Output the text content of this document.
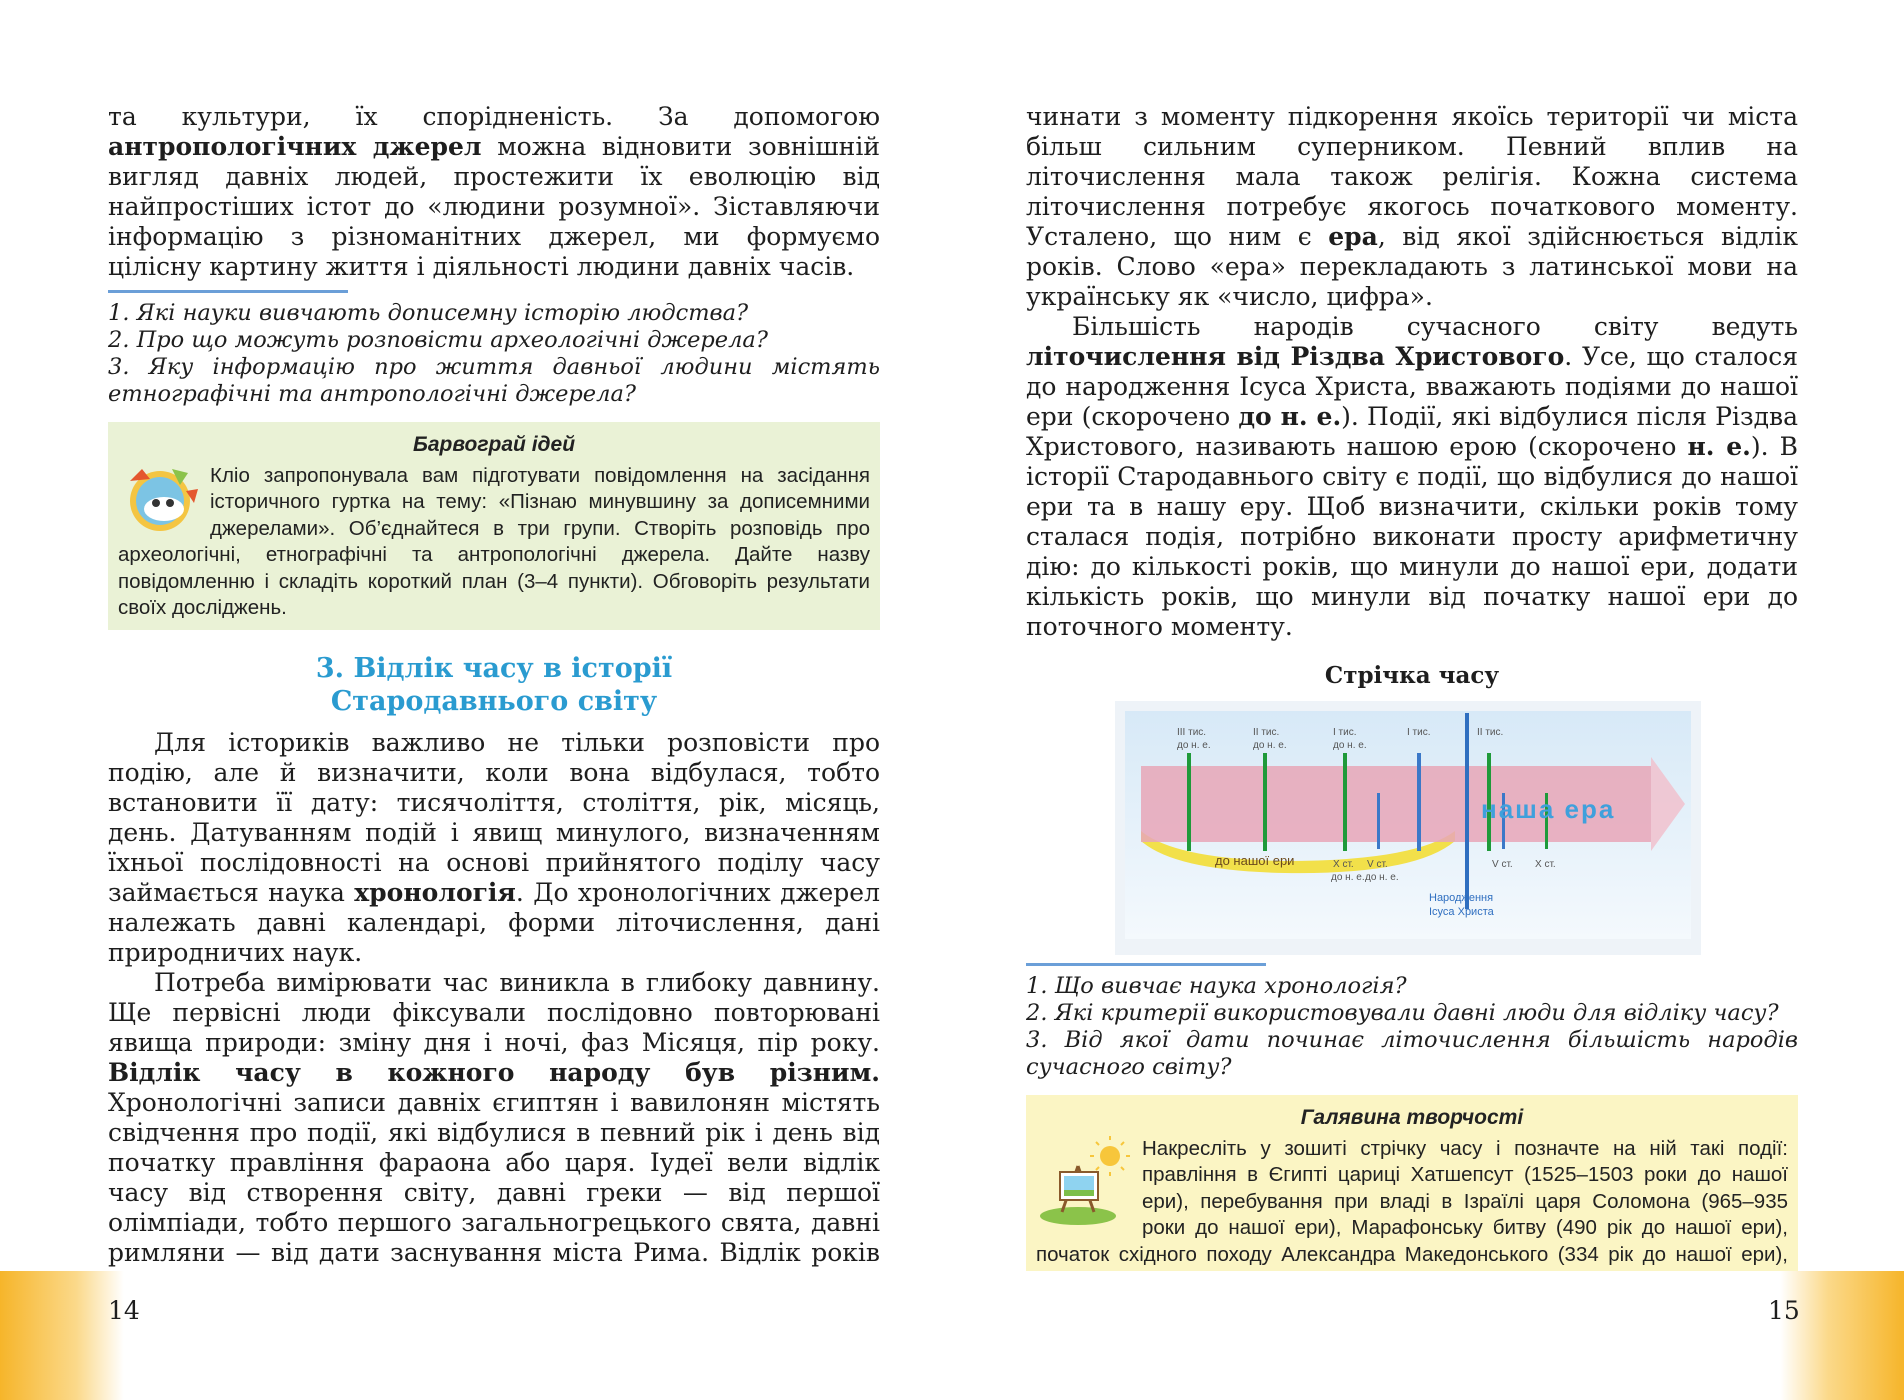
та культури, їх спорідненість. За допомогою антропологічних джерел можна відновити зовнішній вигляд давніх людей, простежити їх еволюцію від найпростіших істот до «людини розумної». Зіставляючи інформацію з різноманітних джерел, ми формуємо цілісну картину життя і діяльності людини давніх часів.

1. Які науки вивчають дописемну історію людства?
2. Про що можуть розповісти археологічні джерела?
3. Яку інформацію про життя давньої людини містять етнографічні та антропологічні джерела?
Барвограй ідей
Кліо запропонувала вам підготувати повідомлення на засідання історичного гуртка на тему: «Пізнаю минувшину за дописемними джерелами». Об’єднайтеся в три групи. Створіть розповідь про археологічні, етнографічні та антропологічні джерела. Дайте назву повідомленню і складіть короткий план (3–4 пункти). Обговоріть результати своїх досліджень.
3. Відлік часу в історії
Стародавнього світу

Для істориків важливо не тільки розповісти про подію, але й визначити, коли вона відбулася, тобто встановити її дату: тисячоліття, століття, рік, місяць, день. Датуванням подій і явищ минулого, визначенням їхньої послідовності на основі прийнятого поділу часу займається наука хронологія. До хронологічних джерел належать давні календарі, форми літочислення, дані природничих наук.

Потреба вимірювати час виникла в глибоку давнину. Ще первісні люди фіксували послідовно повторювані явища природи: зміну дня і ночі, фаз Місяця, пір року. Відлік часу в кожного народу був різним. Хронологічні записи давніх єгиптян і вавилонян містять свідчення про події, які відбулися в певний рік і день від початку правління фараона або царя. Іудеї вели відлік часу від створення світу, давні греки — від першої олімпіади, тобто першого загальногрецького свята, давні римляни — від дати заснування міста Рима. Відлік років

чинати з моменту підкорення якоїсь території чи міста більш сильним суперником. Певний вплив на літочислення мала також релігія. Кожна система літочислення потребує якогось початкового моменту. Усталено, що ним є ера, від якої здійснюється відлік років. Слово «ера» перекладають з латинської мови на українську як «число, цифра».

Більшість народів сучасного світу ведуть літочислення від Різдва Христового. Усе, що сталося до народження Ісуса Христа, вважають подіями до нашої ери (скорочено до н. е.). Події, які відбулися після Різдва Христового, називають нашою ерою (скорочено н. е.). В історії Стародавнього світу є події, що відбулися до нашої ери та в нашу еру. Щоб визначити, скільки років тому сталася подія, потрібно виконати просту арифметичну дію: до кількості років, що минули до нашої ери, додати кількість років, що минули від початку нашої ери до поточного моменту.

Стрічка часу
ІІІ тис.
до н. е.
ІІ тис.
до н. е.
І тис.
до н. е.
І тис.	ІІ тис.
Х ст.
до н. е.
V ст.
до н. е.
V ст. Х ст.
наша ера
до нашої ери
Народження
Ісуса Христа
1. Що вивчає наука хронологія?
2. Які критерії використовували давні люди для відліку часу?
3. Від якої дати починає літочислення більшість народів сучасного світу?
Галявина творчості
Накресліть у зошиті стрічку часу і позначте на ній такі події: правління в Єгипті цариці Хатшепсут (1525–1503 роки до нашої ери), перебування при владі в Ізраїлі царя Соломона (965–935 роки до нашої ери), Марафонську битву (490 рік до нашої ери), початок східного походу Александра Македонського (334 рік до нашої ери),
14	15
